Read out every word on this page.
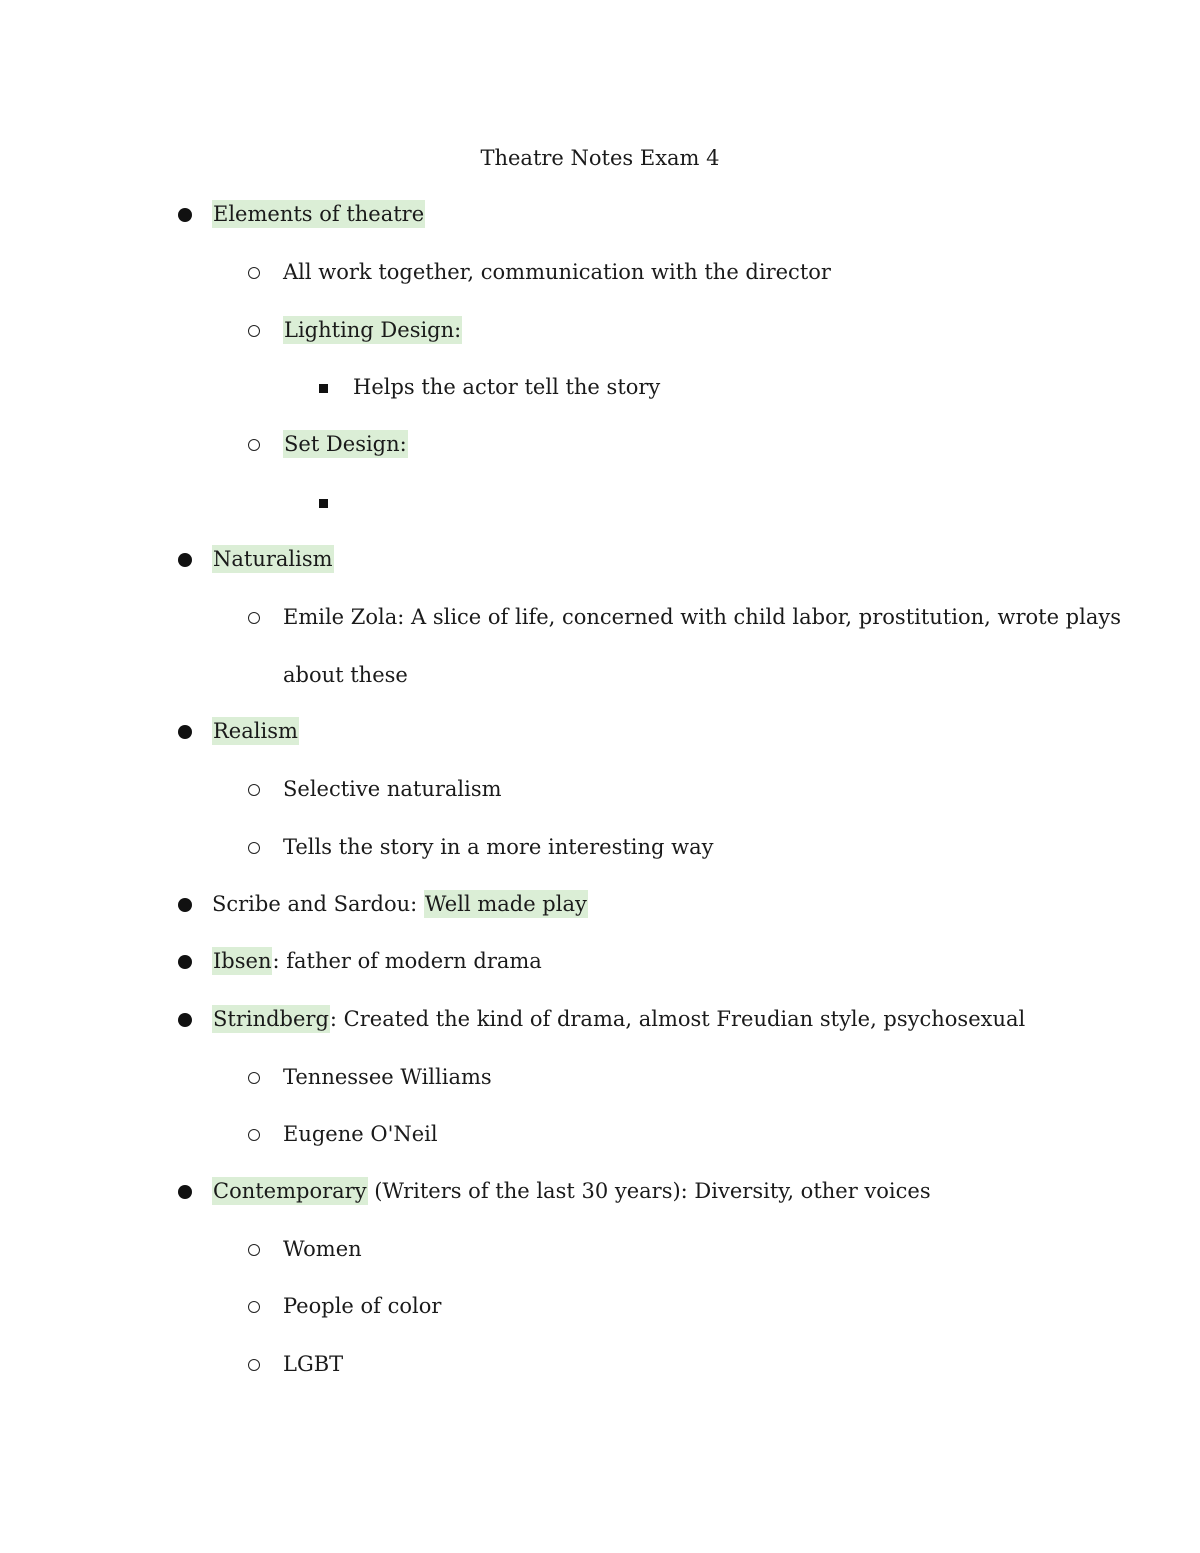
Theatre Notes Exam 4
Elements of theatre
All work together, communication with the director
Lighting Design:
Helps the actor tell the story
Set Design:
Naturalism
Emile Zola: A slice of life, concerned with child labor, prostitution, wrote plays
about these
Realism
Selective naturalism
Tells the story in a more interesting way
Scribe and Sardou: Well made play
Ibsen: father of modern drama
Strindberg: Created the kind of drama, almost Freudian style, psychosexual
Tennessee Williams
Eugene O'Neil
Contemporary (Writers of the last 30 years): Diversity, other voices
Women
People of color
LGBT
